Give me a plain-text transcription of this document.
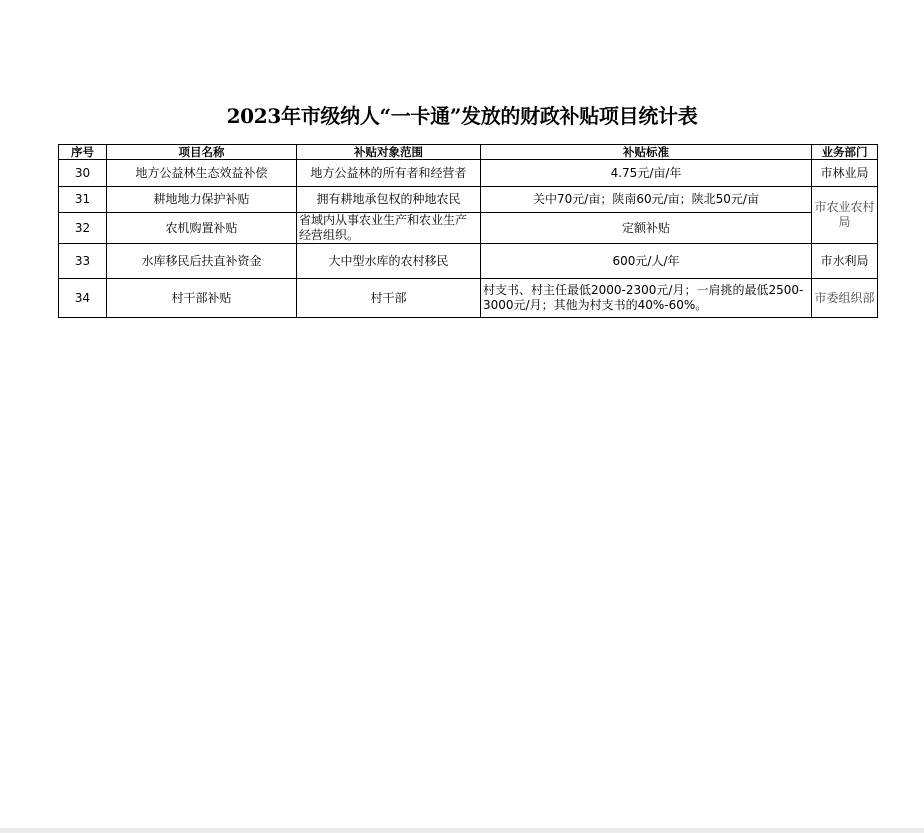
2023年市级纳人“一卡通”发放的财政补贴项目统计表
序号	项目名称	补贴对象范围	补贴标准	业务部门
30	地方公益林生态效益补偿	地方公益林的所有者和经营者	4.75元/亩/年	市林业局
31	耕地地力保护补贴	拥有耕地承包权的种地农民	关中70元/亩；陕南60元/亩；陕北50元/亩	市农业农村局
32	农机购置补贴	省域内从事农业生产和农业生产经营组织。	定额补贴	
33	水库移民后扶直补资金	大中型水库的农村移民	600元/人/年	市水利局
34	村干部补贴	村干部	村支书、村主任最低2000-2300元/月；一肩挑的最低2500-3000元/月；其他为村支书的40%-60%。	市委组织部
